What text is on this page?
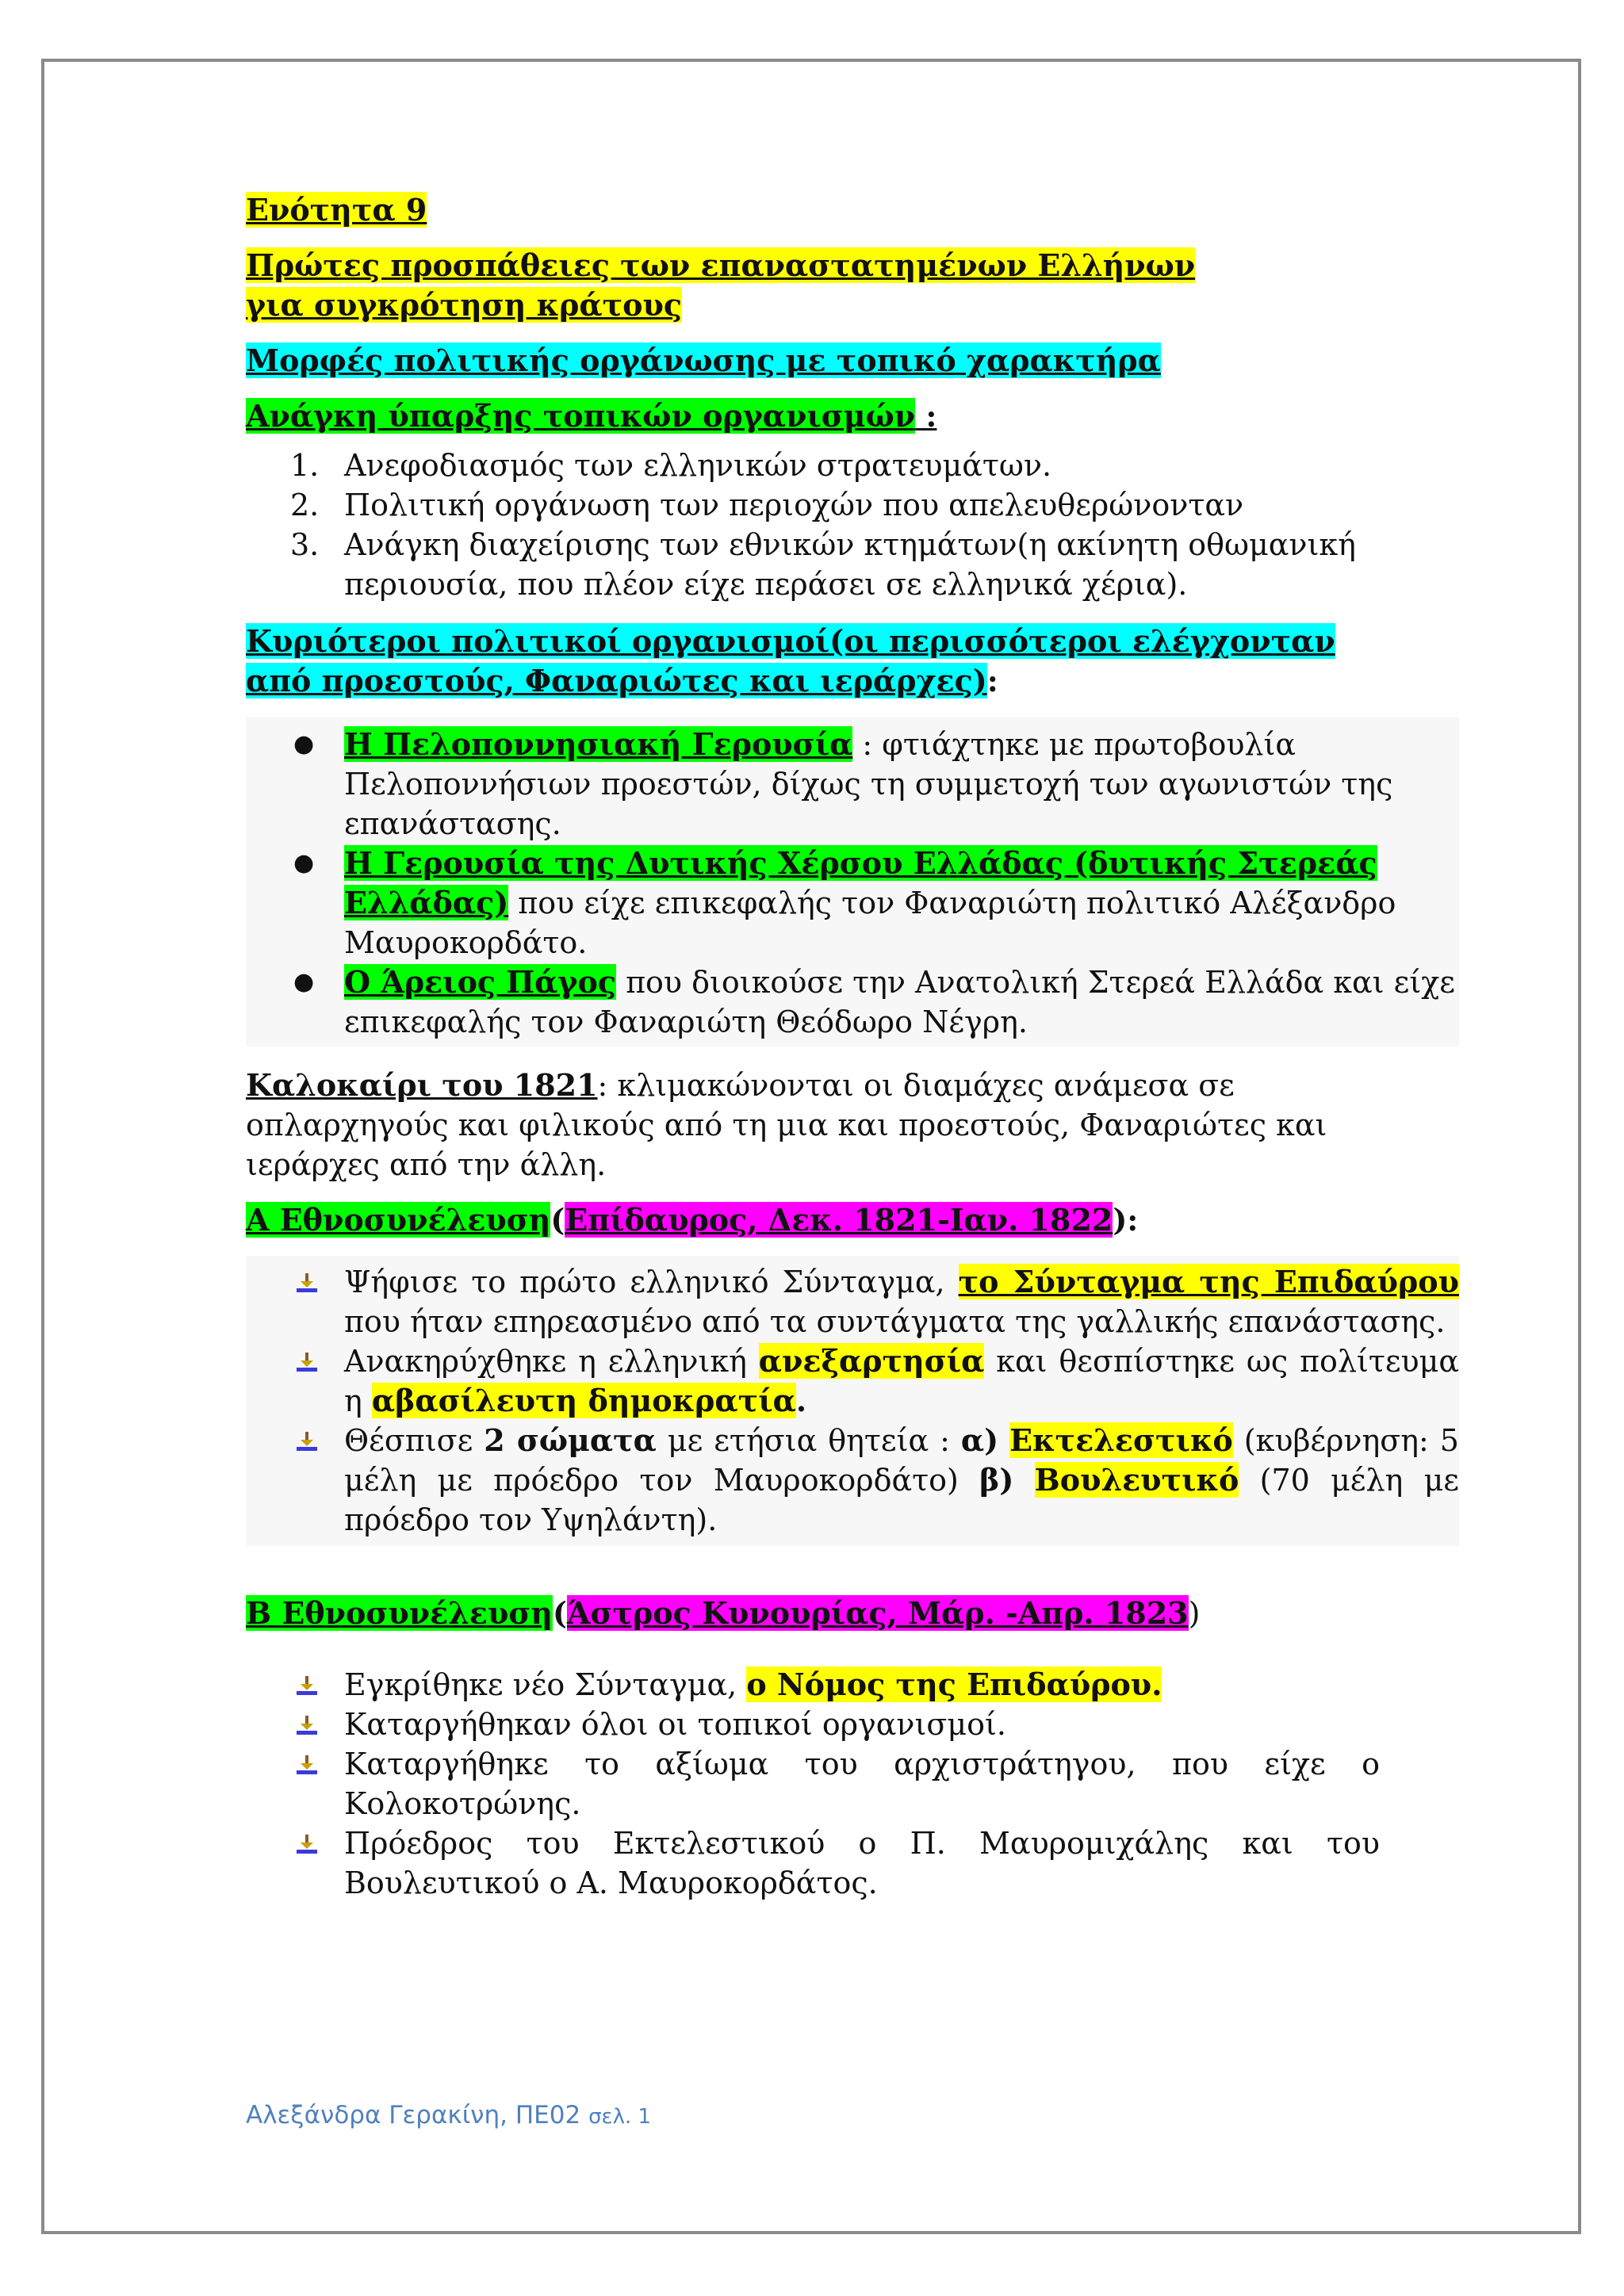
Ενότητα 9

Πρώτες προσπάθειες των επαναστατημένων Ελλήνων για συγκρότηση κράτους

Μορφές πολιτικής οργάνωσης με τοπικό χαρακτήρα

Ανάγκη ύπαρξης τοπικών οργανισμών :

1. Ανεφοδιασμός των ελληνικών στρατευμάτων.
2. Πολιτική οργάνωση των περιοχών που απελευθερώνονταν
3. Ανάγκη διαχείρισης των εθνικών κτημάτων(η ακίνητη οθωμανική περιουσία, που πλέον είχε περάσει σε ελληνικά χέρια).

Κυριότεροι πολιτικοί οργανισμοί(οι περισσότεροι ελέγχονταν από προεστούς, Φαναριώτες και ιεράρχες):

● Η Πελοποννησιακή Γερουσία : φτιάχτηκε με πρωτοβουλία Πελοποννήσιων προεστών, δίχως τη συμμετοχή των αγωνιστών της επανάστασης.
● Η Γερουσία της Δυτικής Χέρσου Ελλάδας (δυτικής Στερεάς Ελλάδας) που είχε επικεφαλής τον Φαναριώτη πολιτικό Αλέξανδρο Μαυροκορδάτο.
● Ο Άρειος Πάγος που διοικούσε την Ανατολική Στερεά Ελλάδα και είχε επικεφαλής τον Φαναριώτη Θεόδωρο Νέγρη.

Καλοκαίρι του 1821: κλιμακώνονται οι διαμάχες ανάμεσα σε οπλαρχηγούς και φιλικούς από τη μια και προεστούς, Φαναριώτες και ιεράρχες από την άλλη.

Α Εθνοσυνέλευση(Επίδαυρος, Δεκ. 1821-Ιαν. 1822):

Ψήφισε το πρώτο ελληνικό Σύνταγμα, το Σύνταγμα της Επιδαύρου που ήταν επηρεασμένο από τα συντάγματα της γαλλικής επανάστασης.
Ανακηρύχθηκε η ελληνική ανεξαρτησία και θεσπίστηκε ως πολίτευμα η αβασίλευτη δημοκρατία.
Θέσπισε 2 σώματα με ετήσια θητεία : α) Εκτελεστικό (κυβέρνηση: 5 μέλη με πρόεδρο τον Μαυροκορδάτο) β) Βουλευτικό (70 μέλη με πρόεδρο τον Υψηλάντη).

Β Εθνοσυνέλευση(Άστρος Κυνουρίας, Μάρ. -Απρ. 1823)

Εγκρίθηκε νέο Σύνταγμα, ο Νόμος της Επιδαύρου.
Καταργήθηκαν όλοι οι τοπικοί οργανισμοί.
Καταργήθηκε το αξίωμα του αρχιστράτηγου, που είχε ο Κολοκοτρώνης.
Πρόεδρος του Εκτελεστικού ο Π. Μαυρομιχάλης και του Βουλευτικού ο Α. Μαυροκορδάτος.
Αλεξάνδρα Γερακίνη, ΠΕ02 σελ. 1
